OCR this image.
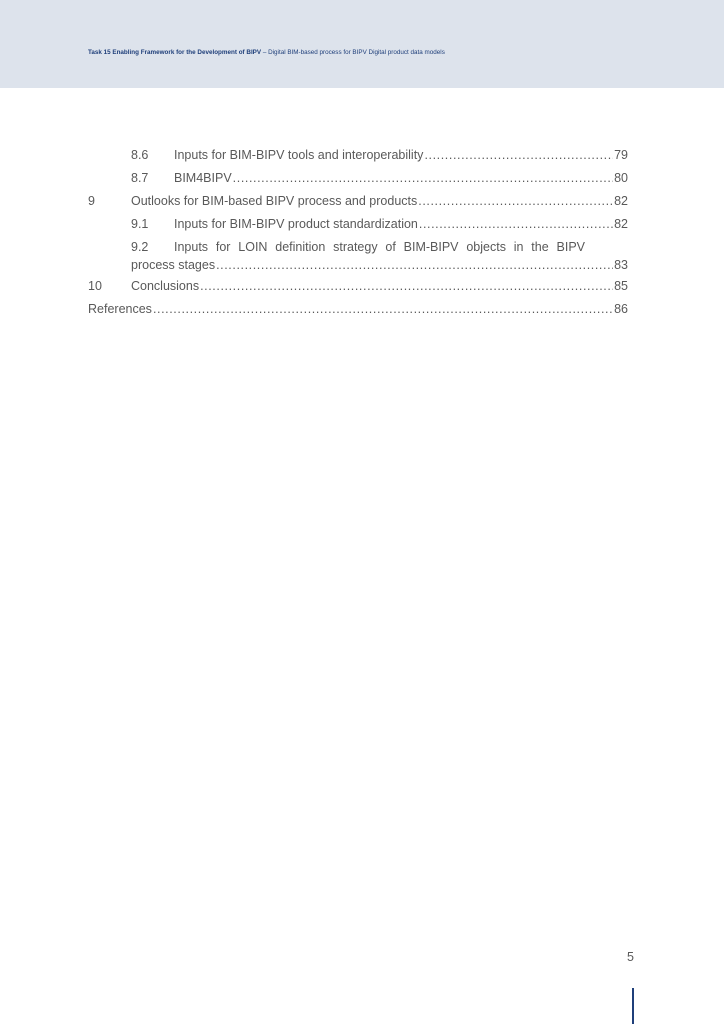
Task 15 Enabling Framework for the Development of BIPV – Digital BIM-based process for BIPV Digital product data models
8.6	Inputs for BIM-BIPV tools and interoperability .....	79
8.7	BIM4BIPV .....	80
9	Outlooks for BIM-based BIPV process and products .....	82
9.1	Inputs for BIM-BIPV product standardization .....	82
9.2	Inputs for LOIN definition strategy of BIM-BIPV objects in the BIPV
process stages .....	83
10	Conclusions .....	85
References .....	86
5
